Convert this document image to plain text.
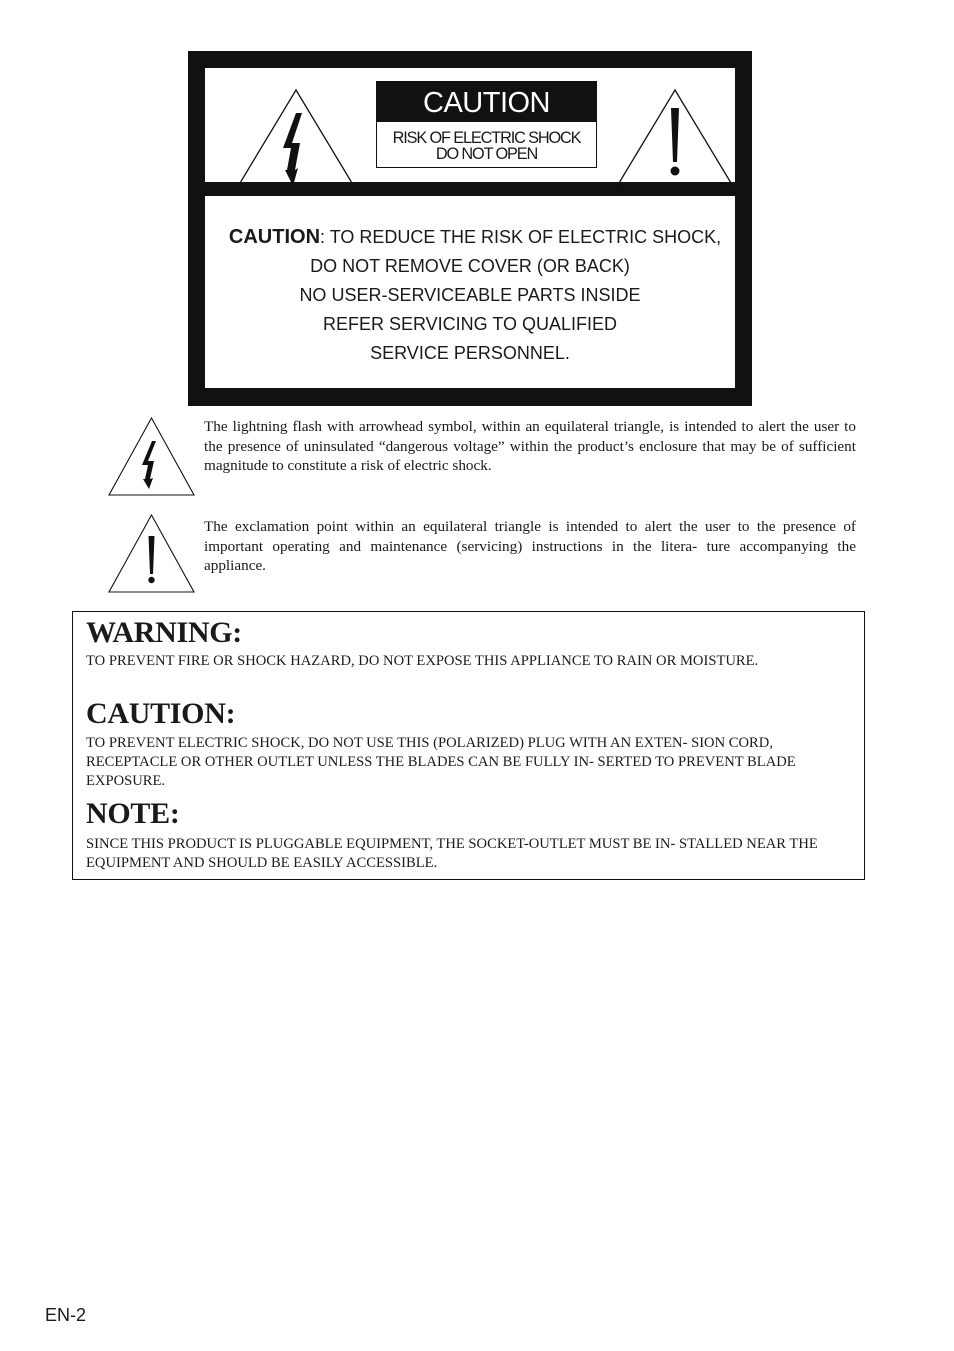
CAUTION
RISK OF ELECTRIC SHOCK
DO NOT OPEN
CAUTION: TO REDUCE THE RISK OF ELECTRIC SHOCK,
DO NOT REMOVE COVER (OR BACK)
NO USER-SERVICEABLE PARTS INSIDE
REFER SERVICING TO QUALIFIED
SERVICE PERSONNEL.
The lightning flash with arrowhead symbol, within an equilateral triangle, is intended to alert the user to the presence of uninsulated “dangerous voltage” within the product’s enclosure that may be of sufficient magnitude to constitute a risk of electric shock.
The exclamation point within an equilateral triangle is intended to alert the user to the presence of important operating and maintenance (servicing) instructions in the litera- ture accompanying the appliance.
WARNING:
TO PREVENT FIRE OR SHOCK HAZARD, DO NOT EXPOSE THIS APPLIANCE TO RAIN OR MOISTURE.
CAUTION:
TO PREVENT ELECTRIC SHOCK, DO NOT USE THIS (POLARIZED) PLUG WITH AN EXTEN- SION CORD, RECEPTACLE OR OTHER OUTLET UNLESS THE BLADES CAN BE FULLY IN- SERTED TO PREVENT BLADE EXPOSURE.
NOTE:
SINCE THIS PRODUCT IS PLUGGABLE EQUIPMENT, THE SOCKET-OUTLET MUST BE IN- STALLED NEAR THE EQUIPMENT AND SHOULD BE EASILY ACCESSIBLE.
EN-2
